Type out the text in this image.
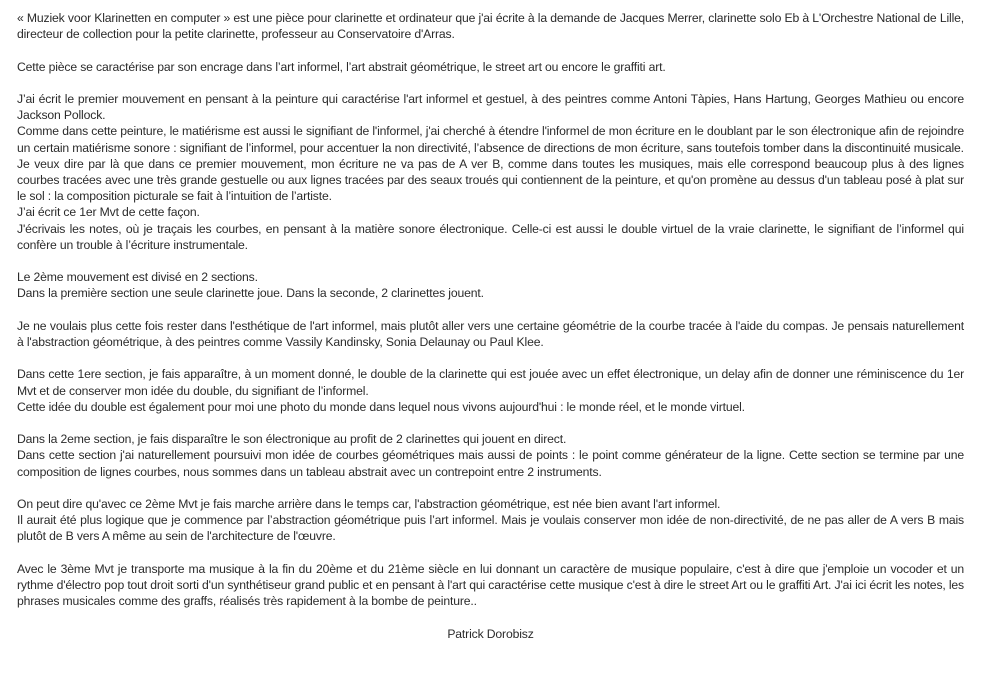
« Muziek voor Klarinetten en computer » est une pièce pour clarinette et ordinateur que j'ai écrite à la demande de Jacques Merrer, clarinette solo Eb à L'Orchestre National de Lille, directeur de collection pour la petite clarinette, professeur au Conservatoire d'Arras.

Cette pièce se caractérise par son encrage dans l’art informel, l’art abstrait géométrique, le street art ou encore le graffiti art.

J’ai écrit le premier mouvement en pensant à la peinture qui caractérise l'art informel et gestuel, à des peintres comme Antoni Tàpies, Hans Hartung, Georges Mathieu ou encore Jackson Pollock.
Comme dans cette peinture, le matiérisme est aussi le signifiant de l'informel, j'ai cherché à étendre l'informel de mon écriture en le doublant par le son électronique afin de rejoindre un certain matiérisme sonore : signifiant de l’informel, pour accentuer la non directivité, l’absence de directions de mon écriture, sans toutefois tomber dans la discontinuité musicale.
Je veux dire par là que dans ce premier mouvement, mon écriture ne va pas de A ver B, comme dans toutes les musiques, mais elle correspond beaucoup plus à des lignes courbes tracées avec une très grande gestuelle ou aux lignes tracées par des seaux troués qui contiennent de la peinture, et qu'on promène au dessus d'un tableau posé à plat sur le sol : la composition picturale se fait à l’intuition de l’artiste.
J’ai écrit ce 1er Mvt de cette façon.
J'écrivais les notes, où je traçais les courbes, en pensant à la matière sonore électronique. Celle-ci est aussi le double virtuel de la vraie clarinette, le signifiant de l’informel qui confère un trouble à l’écriture instrumentale.

Le 2ème mouvement est divisé en 2 sections.
Dans la première section une seule clarinette joue. Dans la seconde, 2 clarinettes jouent.

Je ne voulais plus cette fois rester dans l'esthétique de l'art informel, mais plutôt aller vers une certaine géométrie de la courbe tracée à l'aide du compas. Je pensais naturellement à l'abstraction géométrique, à des peintres comme Vassily Kandinsky, Sonia Delaunay ou Paul Klee.

Dans cette 1ere section, je fais apparaître, à un moment donné, le double de la clarinette qui est jouée avec un effet électronique, un delay afin de donner une réminiscence du 1er Mvt et de conserver mon idée du double, du signifiant de l’informel.
Cette idée du double est également pour moi une photo du monde dans lequel nous vivons aujourd'hui : le monde réel, et le monde virtuel.

Dans la 2eme section, je fais disparaître le son électronique au profit de 2 clarinettes qui jouent en direct.
Dans cette section j'ai naturellement poursuivi mon idée de courbes géométriques mais aussi de points : le point comme générateur de la ligne. Cette section se termine par une composition de lignes courbes, nous sommes dans un tableau abstrait avec un contrepoint entre 2 instruments.

On peut dire qu'avec ce 2ème Mvt je fais marche arrière dans le temps car, l'abstraction géométrique, est née bien avant l'art informel.
Il aurait été plus logique que je commence par l’abstraction géométrique puis l’art informel. Mais je voulais conserver mon idée de non-directivité, de ne pas aller de A vers B mais plutôt de B vers A même au sein de l'architecture de l'œuvre.

Avec le 3ème Mvt je transporte ma musique à la fin du 20ème et du 21ème siècle en lui donnant un caractère de musique populaire, c'est à dire que j'emploie un vocoder et un rythme d'électro pop tout droit sorti d'un synthétiseur grand public et en pensant à l'art qui caractérise cette musique c'est à dire le street Art ou le graffiti Art. J'ai ici écrit les notes, les phrases musicales comme des graffs, réalisés très rapidement à la bombe de peinture..

Patrick Dorobisz
